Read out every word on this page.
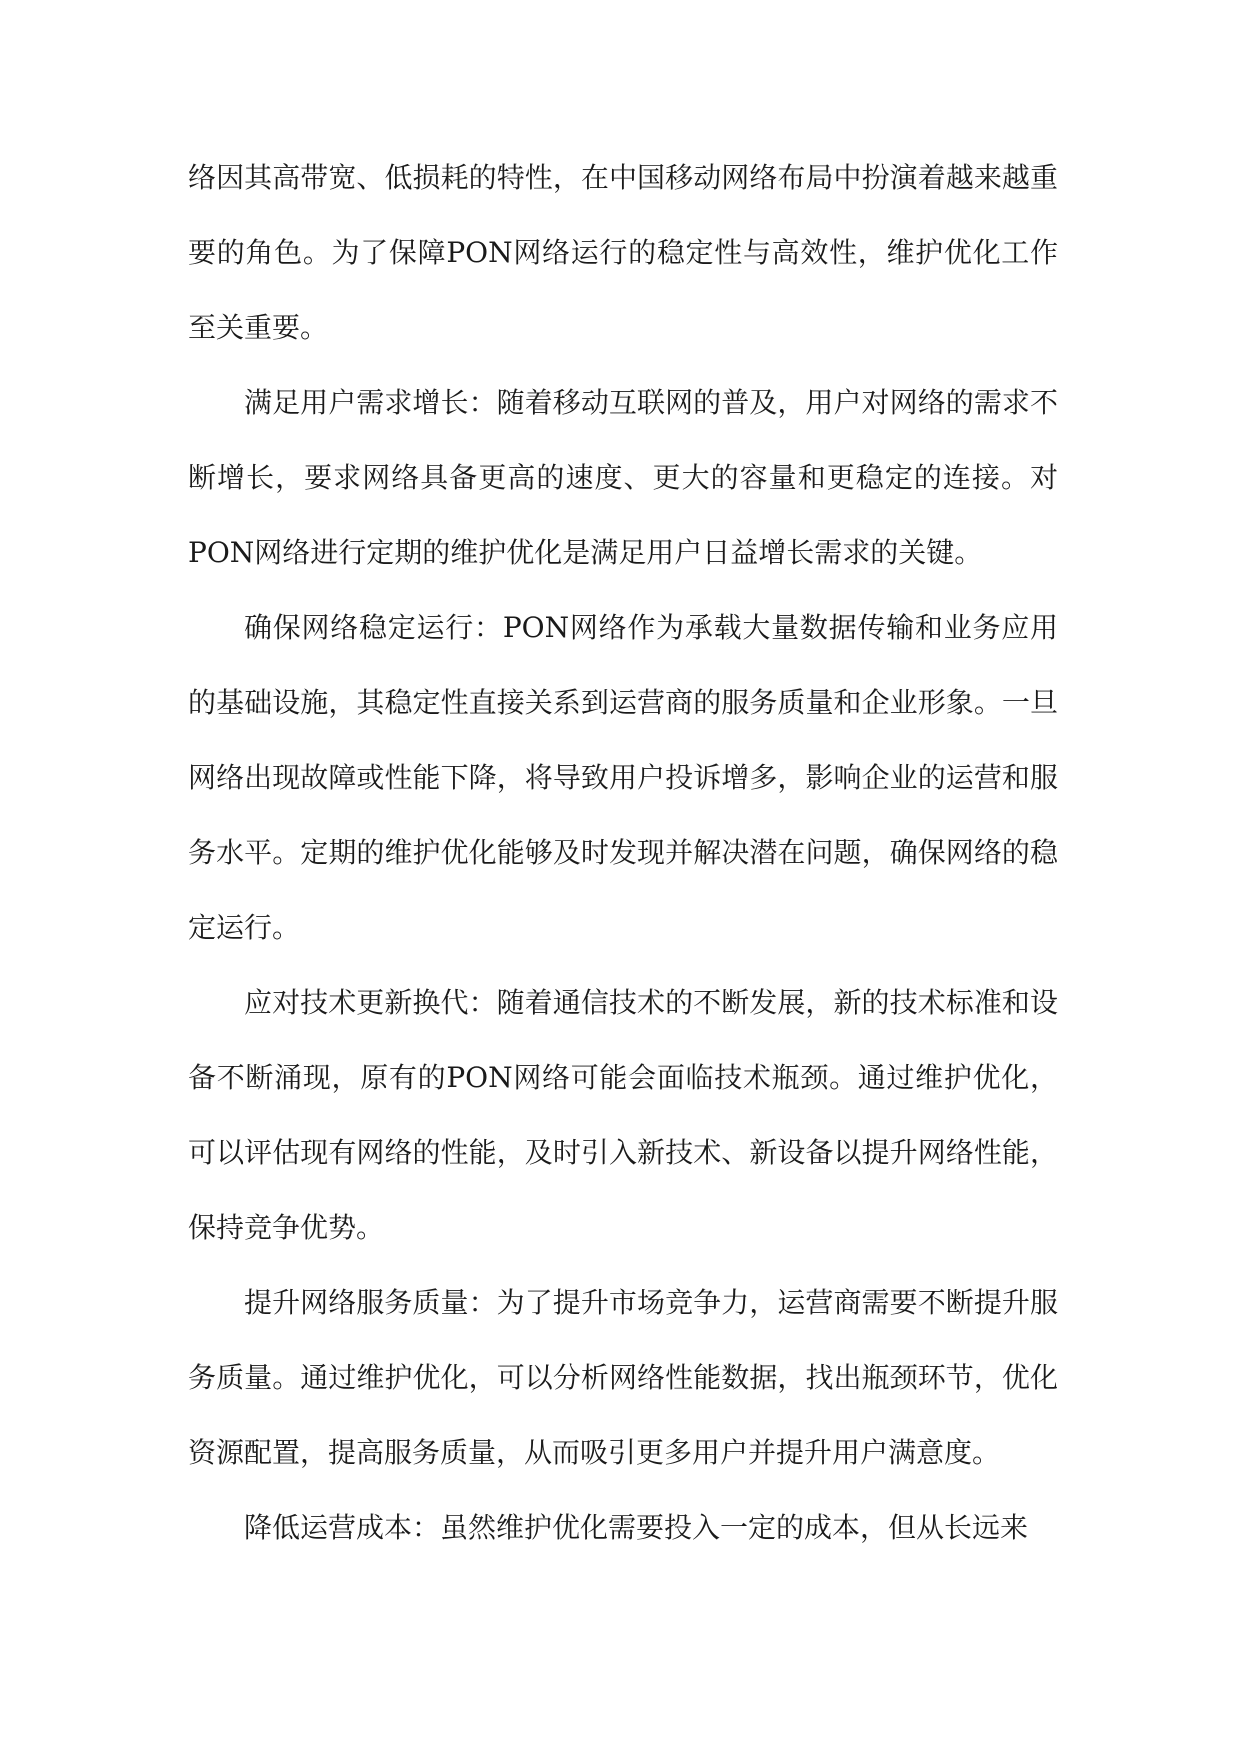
络因其高带宽、低损耗的特性，在中国移动网络布局中扮演着越来越重要的角色。为了保障PON网络运行的稳定性与高效性，维护优化工作至关重要。

满足用户需求增长：随着移动互联网的普及，用户对网络的需求不断增长，要求网络具备更高的速度、更大的容量和更稳定的连接。对PON网络进行定期的维护优化是满足用户日益增长需求的关键。

确保网络稳定运行：PON网络作为承载大量数据传输和业务应用的基础设施，其稳定性直接关系到运营商的服务质量和企业形象。一旦网络出现故障或性能下降，将导致用户投诉增多，影响企业的运营和服务水平。定期的维护优化能够及时发现并解决潜在问题，确保网络的稳定运行。

应对技术更新换代：随着通信技术的不断发展，新的技术标准和设备不断涌现，原有的PON网络可能会面临技术瓶颈。通过维护优化，可以评估现有网络的性能，及时引入新技术、新设备以提升网络性能，保持竞争优势。

提升网络服务质量：为了提升市场竞争力，运营商需要不断提升服务质量。通过维护优化，可以分析网络性能数据，找出瓶颈环节，优化资源配置，提高服务质量，从而吸引更多用户并提升用户满意度。

降低运营成本：虽然维护优化需要投入一定的成本，但从长远来
